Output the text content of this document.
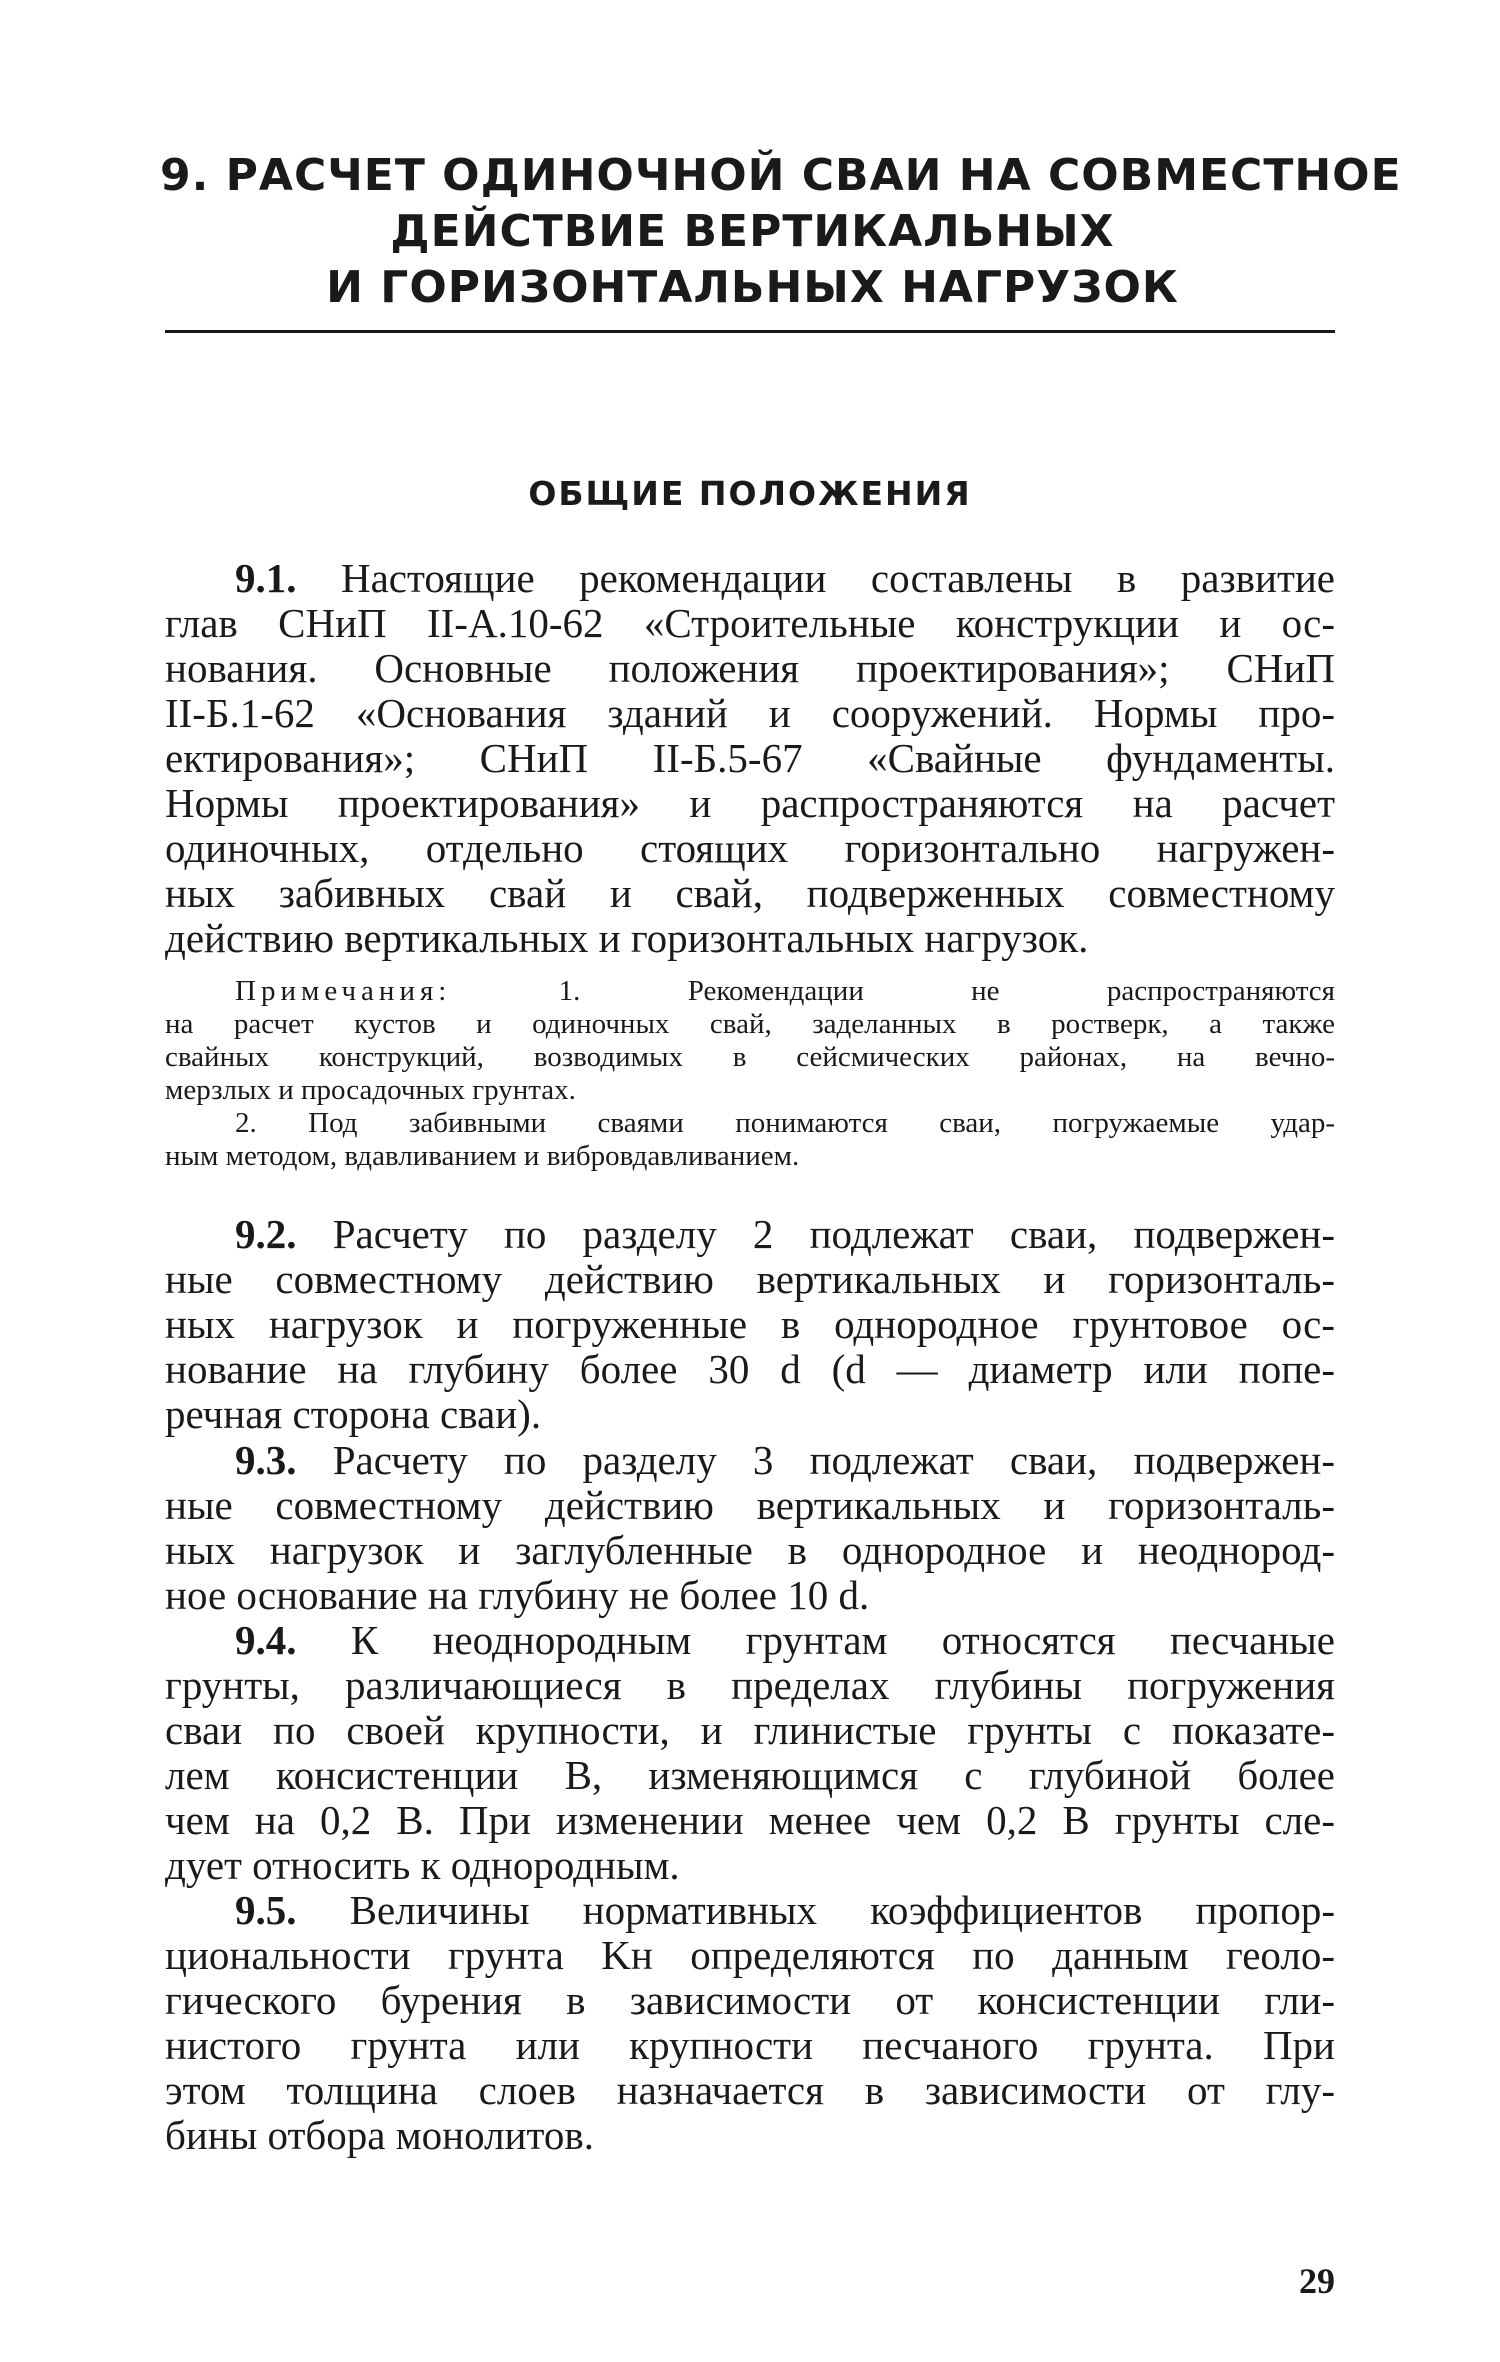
9. РАСЧЕТ ОДИНОЧНОЙ СВАИ НА СОВМЕСТНОЕ
ДЕЙСТВИЕ ВЕРТИКАЛЬНЫХ
И ГОРИЗОНТАЛЬНЫХ НАГРУЗОК
ОБЩИЕ ПОЛОЖЕНИЯ
9.1. Настоящие рекомендации составлены в развитие
глав СНиП II-А.10-62 «Строительные конструкции и ос-
нования. Основные положения проектирования»; СНиП
II-Б.1-62 «Основания зданий и сооружений. Нормы про-
ектирования»; СНиП II-Б.5-67 «Свайные фундаменты.
Нормы проектирования» и распространяются на расчет
одиночных, отдельно стоящих горизонтально нагружен-
ных забивных свай и свай, подверженных совместному
действию вертикальных и горизонтальных нагрузок.
Примечания:	1. Рекомендации не распространяются
на расчет кустов и одиночных свай, заделанных в ростверк, а также
свайных конструкций, возводимых в сейсмических районах, на вечно-
мерзлых и просадочных грунтах.
2. Под забивными сваями понимаются сваи, погружаемые удар-
ным методом, вдавливанием и вибровдавливанием.
9.2. Расчету по разделу 2 подлежат сваи, подвержен-
ные совместному действию вертикальных и горизонталь-
ных нагрузок и погруженные в однородное грунтовое ос-
нование на глубину более 30 d (d — диаметр или попе-
речная сторона сваи).
9.3. Расчету по разделу 3 подлежат сваи, подвержен-
ные совместному действию вертикальных и горизонталь-
ных нагрузок и заглубленные в однородное и неоднород-
ное основание на глубину не более 10 d.
9.4. К неоднородным грунтам относятся песчаные
грунты, различающиеся в пределах глубины погружения
сваи по своей крупности, и глинистые грунты с показате-
лем консистенции B, изменяющимся с глубиной более
чем на 0,2 B. При изменении менее чем 0,2 B грунты сле-
дует относить к однородным.
9.5. Величины нормативных коэффициентов пропор-
циональности грунта Kн определяются по данным геоло-
гического бурения в зависимости от консистенции гли-
нистого грунта или крупности песчаного грунта. При
этом толщина слоев назначается в зависимости от глу-
бины отбора монолитов.
29
